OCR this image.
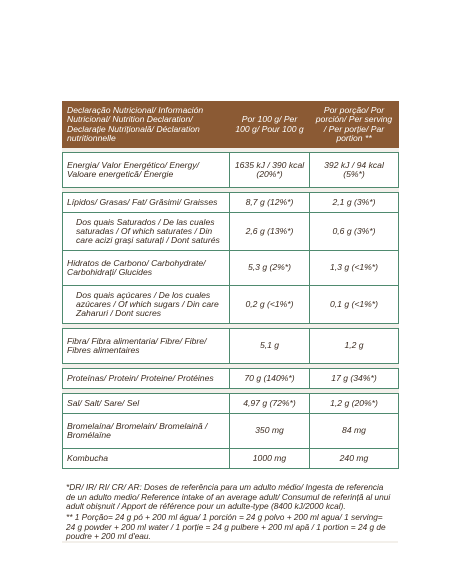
Declaração Nutricional/ Información Nutricional/ Nutrition Declaration/ Declarație Nutrițională/ Déclaration nutritionnelle	Por 100 g/ Per 100 g/ Pour 100 g	Por porção/ Por porción/ Per serving / Per porție/ Par portion **

Energia/ Valor Energético/ Energy/ Valoare energetică/ Énergie	1635 kJ / 390 kcal (20%*)	392 kJ / 94 kcal (5%*)

Lípidos/ Grasas/ Fat/ Grăsimi/ Graisses	8,7 g (12%*)	2,1 g (3%*)
Dos quais Saturados / De las cuales saturadas / Of which saturates / Din care acizi grași saturați / Dont saturés	2,6 g (13%*)	0,6 g (3%*)
Hidratos de Carbono/ Carbohydrate/ Carbohidrați/ Glucides	5,3 g (2%*)	1,3 g (<1%*)
Dos quais açúcares / De los cuales azúcares / Of which sugars / Din care Zaharuri / Dont sucres	0,2 g (<1%*)	0,1 g (<1%*)

Fibra/ Fibra alimentaria/ Fibre/ Fibre/ Fibres alimentaires	5,1 g	1,2 g

Proteínas/ Protein/ Proteine/ Protéines	70 g (140%*)	17 g (34%*)

Sal/ Salt/ Sare/ Sel	4,97 g (72%*)	1,2 g (20%*)
Bromelaína/ Bromelain/ Bromelaină / Bromélaïne	350 mg	84 mg
Kombucha	1000 mg	240 mg

*DR/ IR/ RI/ CR/ AR: Doses de referência para um adulto médio/ Ingesta de referencia de un adulto medio/ Reference intake of an average adult/ Consumul de referință al unui adult obișnuit / Apport de référence pour un adulte-type (8400 kJ/2000 kcal).

** 1 Porção= 24 g pó + 200 ml água/ 1 porción = 24 g polvo + 200 ml agua/ 1 serving= 24 g powder + 200 ml water / 1 porție = 24 g pulbere + 200 ml apă / 1 portion = 24 g de poudre + 200 ml d'eau.
